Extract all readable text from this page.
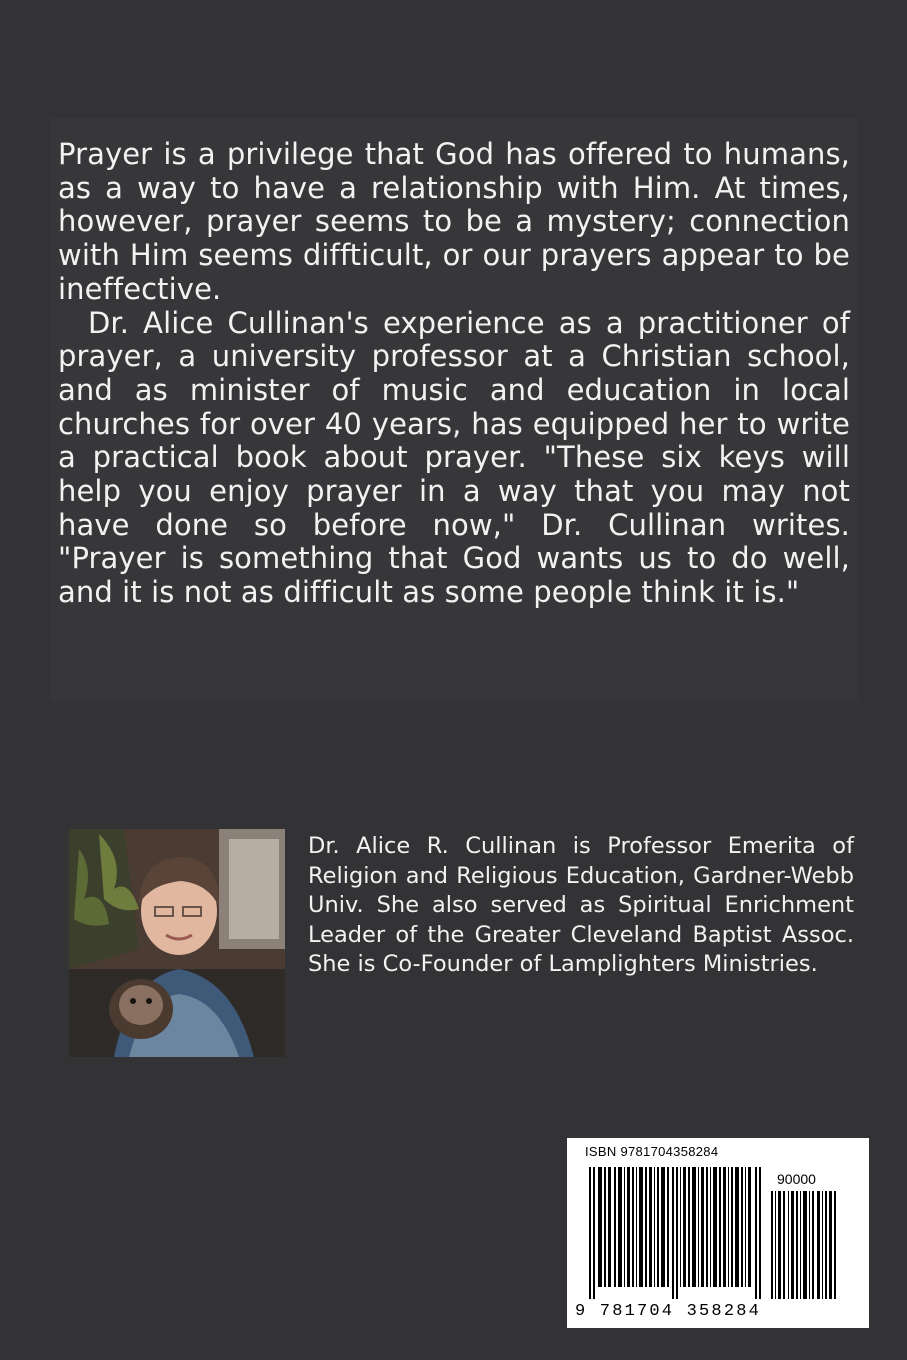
Prayer is a privilege that God has offered to humans, as a way to have a relationship with Him. At times, however, prayer seems to be a mystery; connection with Him seems diffticult, or our prayers appear to be ineffective.

Dr. Alice Cullinan's experience as a practitioner of prayer, a university professor at a Christian school, and as minister of music and education in local churches for over 40 years, has equipped her to write a practical book about prayer. "These six keys will help you enjoy prayer in a way that you may not have done so before now," Dr. Cullinan writes. "Prayer is something that God wants us to do well, and it is not as difficult as some people think it is."

Dr. Alice R. Cullinan is Professor Emerita of Religion and Religious Education, Gardner-Webb Univ. She also served as Spiritual Enrichment Leader of the Greater Cleveland Baptist Assoc. She is Co-Founder of Lamplighters Ministries.
ISBN 9781704358284
90000
9 781704 358284
